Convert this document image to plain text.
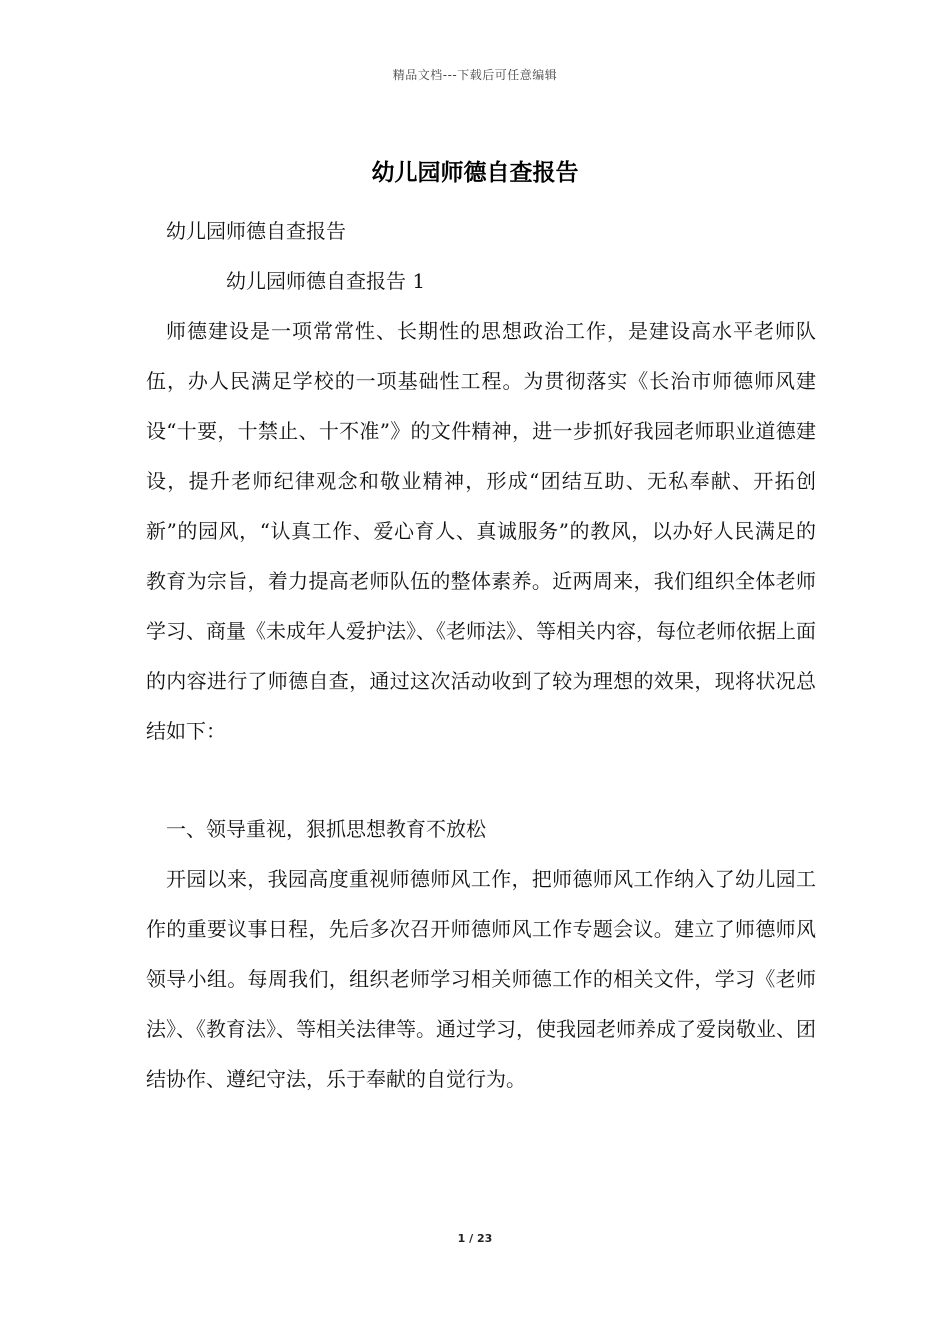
精品文档---下载后可任意编辑
幼儿园师德自查报告

幼儿园师德自查报告

幼儿园师德自查报告 1

师德建设是一项常常性、长期性的思想政治工作，是建设高水平老师队伍，办人民满足学校的一项基础性工程。为贯彻落实《长治市师德师风建设“十要，十禁止、十不准”》的文件精神，进一步抓好我园老师职业道德建设，提升老师纪律观念和敬业精神，形成“团结互助、无私奉献、开拓创新”的园风，“认真工作、爱心育人、真诚服务”的教风，以办好人民满足的教育为宗旨，着力提高老师队伍的整体素养。近两周来，我们组织全体老师学习、商量《未成年人爱护法》、《老师法》、等相关内容，每位老师依据上面的内容进行了师德自查，通过这次活动收到了较为理想的效果，现将状况总结如下：

一、领导重视，狠抓思想教育不放松

开园以来，我园高度重视师德师风工作，把师德师风工作纳入了幼儿园工作的重要议事日程，先后多次召开师德师风工作专题会议。建立了师德师风领导小组。每周我们，组织老师学习相关师德工作的相关文件，学习《老师法》、《教育法》、等相关法律等。通过学习，使我园老师养成了爱岗敬业、团结协作、遵纪守法，乐于奉献的自觉行为。

1 / 23
